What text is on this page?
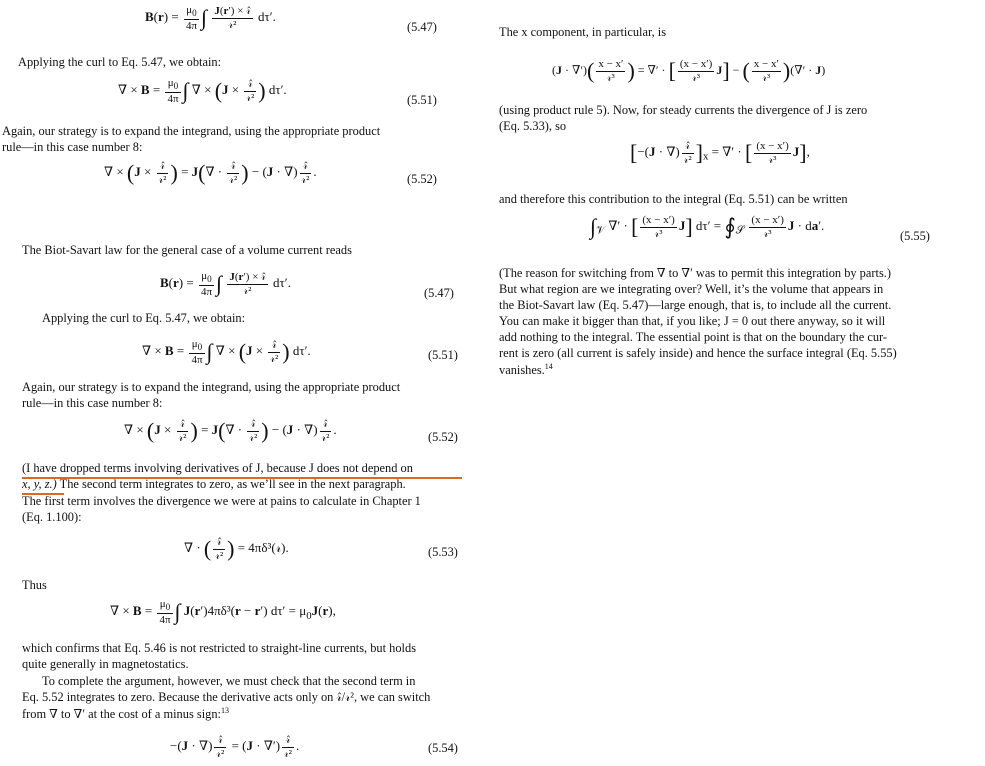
$B(r) = \frac{\mu_0}{4\pi}$ ∫ $\frac{\text{J(r′) × 𝓇̂}}{\text{𝓇²}} d\tau'$.
(5.47)
Applying the curl to Eq. 5.47, we obtain:
∇ × $B = \frac{\mu_0}{4\pi}$ ∫ ∇ × ($J \times \frac{\text{𝓇̂}}{\text{𝓇²}}$ ) dτ′.
(5.51)
Again, our strategy is to expand the integrand, using the appropriate product
rule—in this case number 8:
∇ × ($J \times \frac{\text{𝓇̂}}{\text{𝓇²}}$ ) = $J(\nabla \cdot \frac{\text{𝓇̂}}{\text{𝓇²}}$ ) − (J · ∇) $\frac{\text{𝓇̂}}{\text{𝓇²}}$ .	(5.52)
The Biot-Savart law for the general case of a volume current reads
$B(r) = \frac{\mu_0}{4\pi}$ ∫ $\frac{\text{J(r′) × 𝓇̂}}{\text{𝓇²}} d\tau'$.
(5.47)
Applying the curl to Eq. 5.47, we obtain:
∇ × $B = \frac{\mu_0}{4\pi}$ ∫ ∇ × ($J \times \frac{\text{𝓇̂}}{\text{𝓇²}}$ ) dτ′.	(5.51)
Again, our strategy is to expand the integrand, using the appropriate product
rule—in this case number 8:
∇ × ($J \times \frac{\text{𝓇̂}}{\text{𝓇²}}$ ) = $J(\nabla \cdot \frac{\text{𝓇̂}}{\text{𝓇²}}$ ) − (J · ∇) $\frac{\text{𝓇̂}}{\text{𝓇²}}$ .	(5.52)
(I have dropped terms involving derivatives of J, because J does not depend on
x, y, z.) The second term integrates to zero, as we’ll see in the next paragraph.
The first term involves the divergence we were at pains to calculate in Chapter 1
(Eq. 1.100):
∇ · ( $\frac{\text{𝓇̂}}{\text{𝓇²}}$ ) = 4πδ³(𝓇).	(5.53)
Thus
∇ × $B = \frac{\mu_0}{4\pi}$ ∫ J(r′)4πδ³(r − r′) $d\tau' = \mu_0J(r)$,
which confirms that Eq. 5.46 is not restricted to straight-line currents, but holds
quite generally in magnetostatics.
To complete the argument, however, we must check that the second term in
Eq. 5.52 integrates to zero. Because the derivative acts only on 𝓇̂/𝓇², we can switch
from ∇ to ∇′ at the cost of a minus sign:$^{13}$
−(J · ∇) $\frac{\text{𝓇̂}}{\text{𝓇²}} = (J$ · ∇′) $\frac{\text{𝓇̂}}{\text{𝓇²}}$ .	(5.54)
The x component, in particular, is
(J · ∇′)( $\frac{x - x'}{\text{𝓇³}}$ ) = ∇′ · [ $\frac{(x - x')}{\text{𝓇³}} J$] − ( $\frac{x - x'}{\text{𝓇³}}$ )(∇′ · J)
(using product rule 5). Now, for steady currents the divergence of J is zero
(Eq. 5.33), so
[−(J · ∇) $\frac{\text{𝓇̂}}{\text{𝓇²}} ]_x$ = ∇′ · [ $\frac{(x - x')}{\text{𝓇³}} J$],
and therefore this contribution to the integral (Eq. 5.51) can be written
$\int_𝒱$ ∇′ · [ $\frac{(x - x')}{\text{𝓇³}} J$] $d\tau' = ∮_𝒮 \frac{(x - x')}{\text{𝓇³}}$ J · da′.
(5.55)
(The reason for switching from ∇ to ∇′ was to permit this integration by parts.)
But what region are we integrating over? Well, it’s the volume that appears in
the Biot-Savart law (Eq. 5.47)—large enough, that is, to include all the current.
You can make it bigger than that, if you like; J = 0 out there anyway, so it will
add nothing to the integral. The essential point is that on the boundary the cur-
rent is zero (all current is safely inside) and hence the surface integral (Eq. 5.55)
vanishes.$^{14}$
